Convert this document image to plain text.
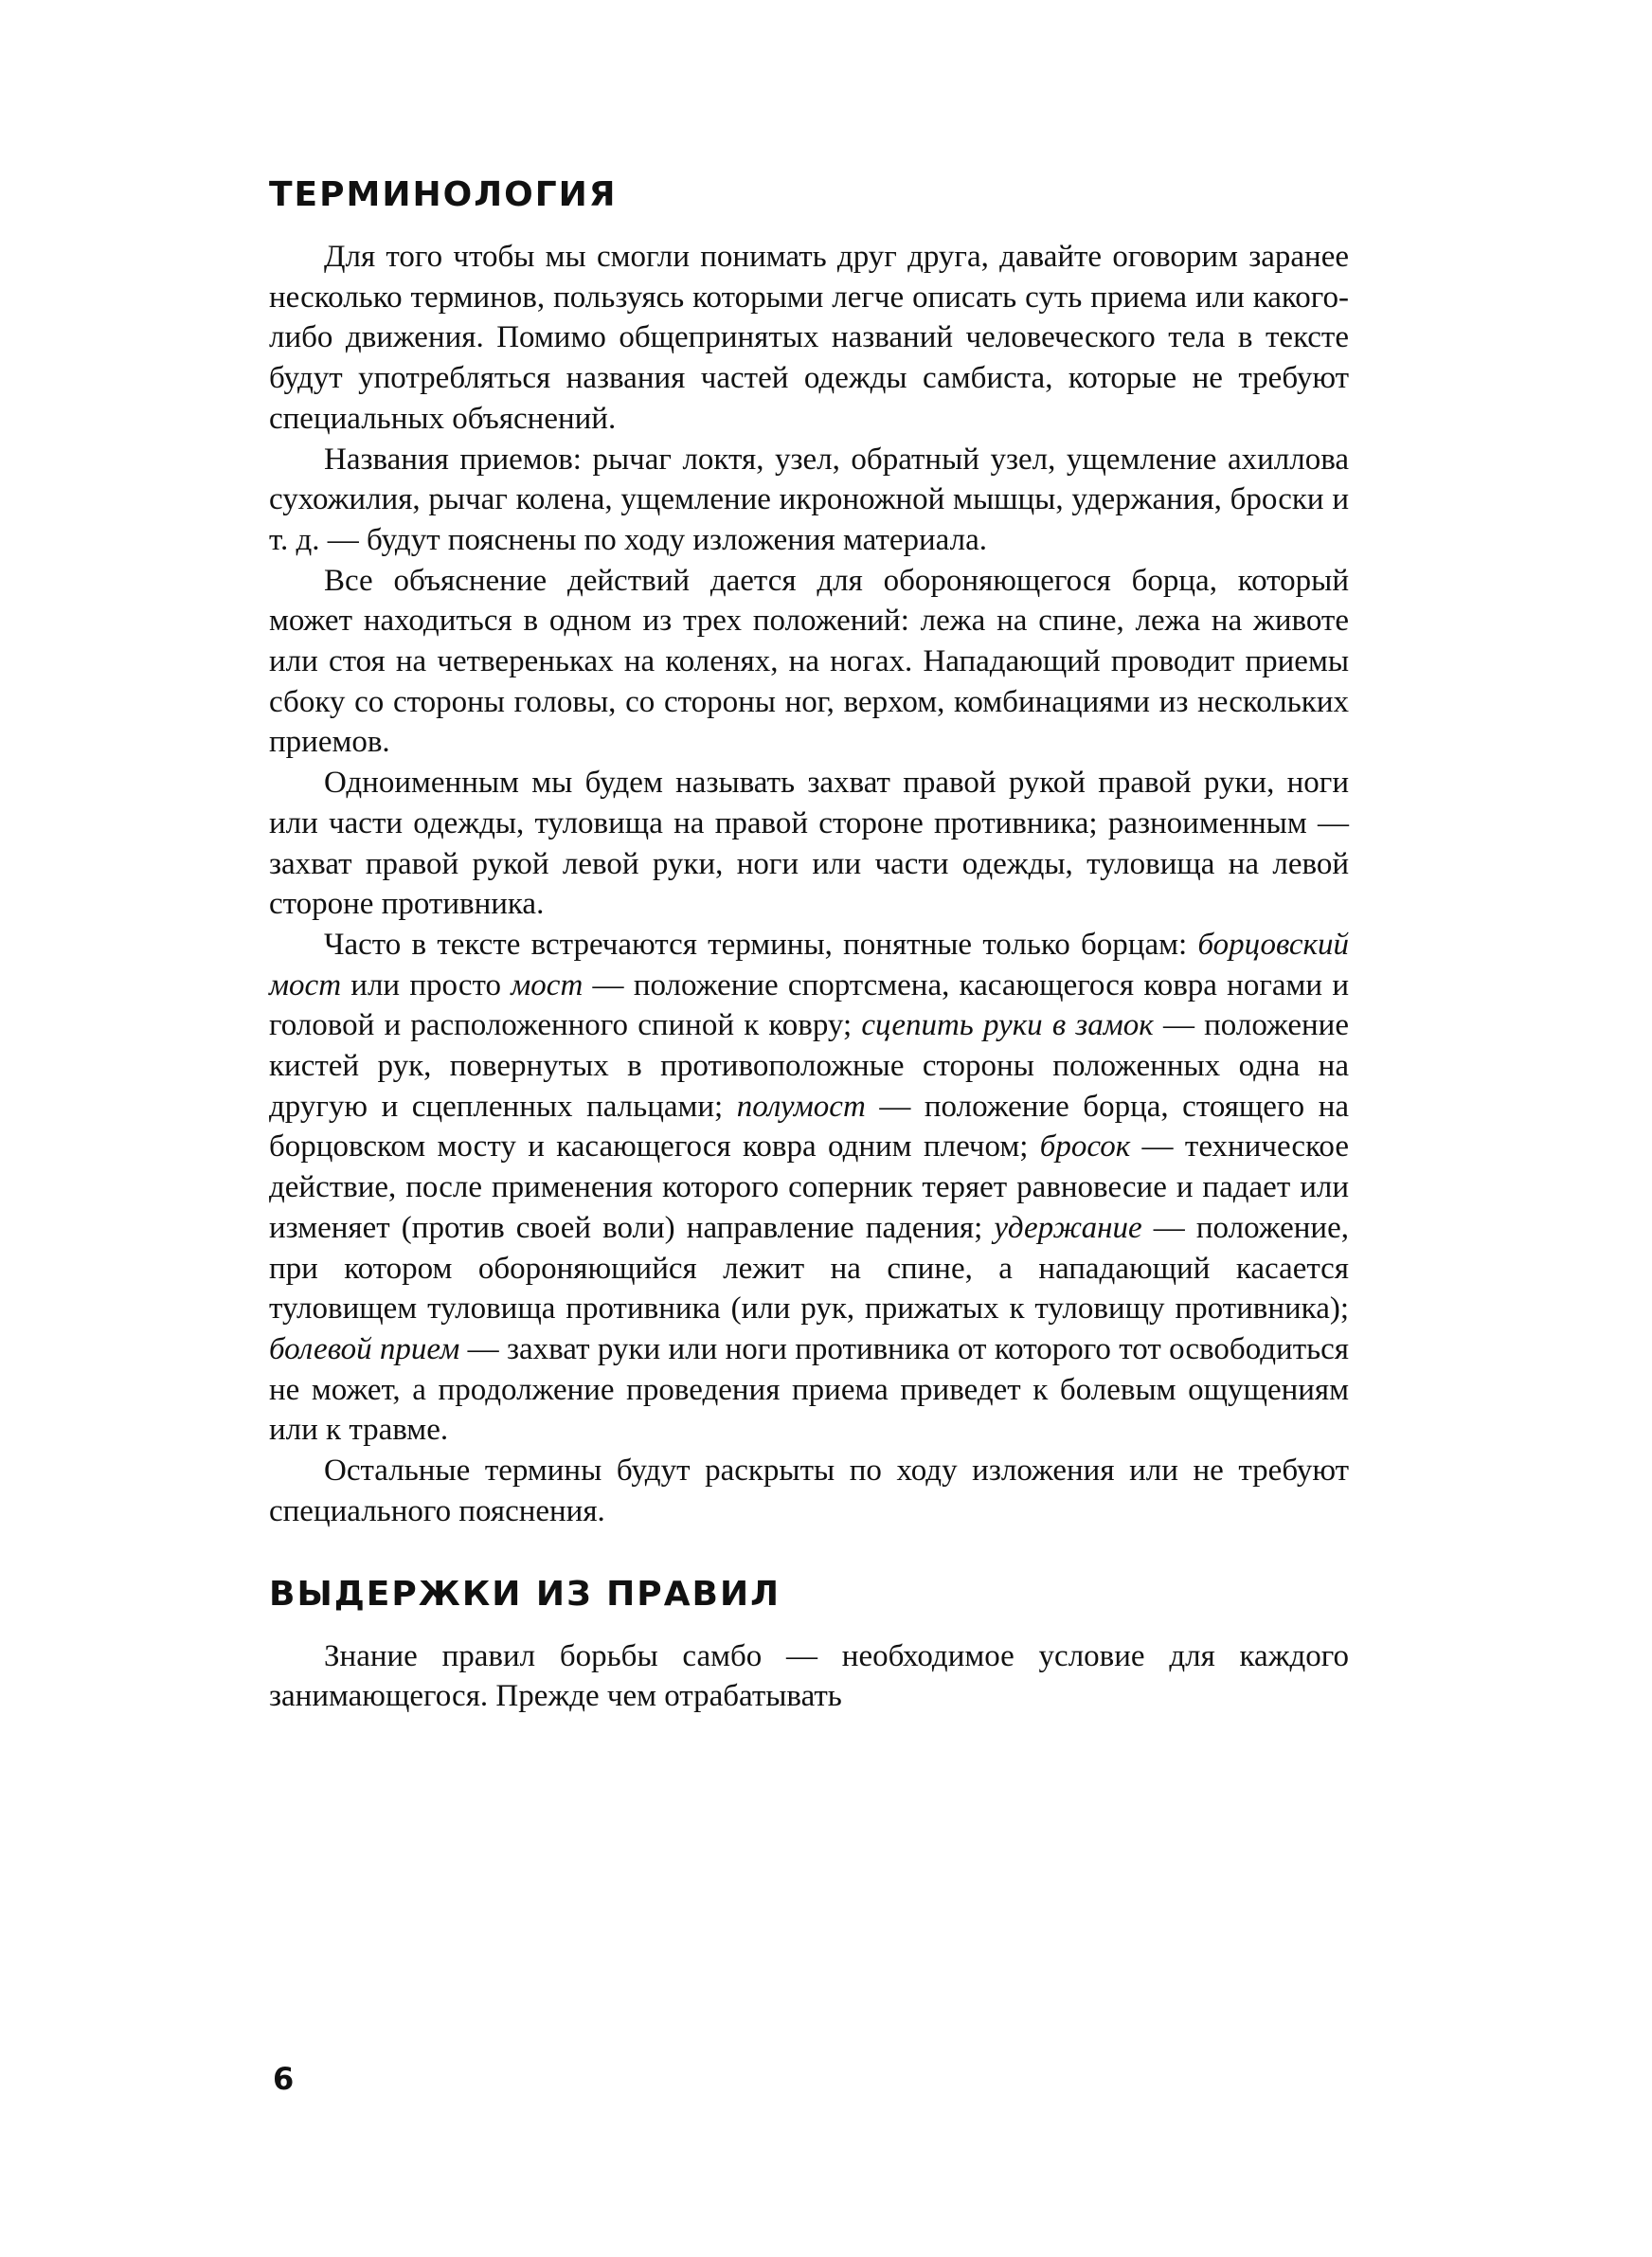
ТЕРМИНОЛОГИЯ

Для того чтобы мы смогли понимать друг друга, давайте оговорим заранее несколько терминов, пользуясь которыми легче описать суть приема или какого-либо движения. Помимо общепринятых названий человеческого тела в тексте будут употребляться названия частей одежды самбиста, которые не требуют специальных объяснений.

Названия приемов: рычаг локтя, узел, обратный узел, ущемление ахиллова сухожилия, рычаг колена, ущемление икроножной мышцы, удержания, броски и т. д. — будут пояснены по ходу изложения материала.

Все объяснение действий дается для обороняющегося борца, который может находиться в одном из трех положений: лежа на спине, лежа на животе или стоя на четвереньках на коленях, на ногах. Нападающий проводит приемы сбоку со стороны головы, со стороны ног, верхом, комбинациями из нескольких приемов.

Одноименным мы будем называть захват правой рукой правой руки, ноги или части одежды, туловища на правой стороне противника; разноименным — захват правой рукой левой руки, ноги или части одежды, туловища на левой стороне противника.

Часто в тексте встречаются термины, понятные только борцам: борцовский мост или просто мост — положение спортсмена, касающегося ковра ногами и головой и расположенного спиной к ковру; сцепить руки в замок — положение кистей рук, повернутых в противоположные стороны положенных одна на другую и сцепленных пальцами; полумост — положение борца, стоящего на борцовском мосту и касающегося ковра одним плечом; бросок — техническое действие, после применения которого соперник теряет равновесие и падает или изменяет (против своей воли) направление падения; удержание — положение, при котором обороняющийся лежит на спине, а нападающий касается туловищем туловища противника (или рук, прижатых к туловищу противника); болевой прием — захват руки или ноги противника от которого тот освободиться не может, а продолжение проведения приема приведет к болевым ощущениям или к травме.

Остальные термины будут раскрыты по ходу изложения или не требуют специального пояснения.

ВЫДЕРЖКИ ИЗ ПРАВИЛ

Знание правил борьбы самбо — необходимое условие для каждого занимающегося. Прежде чем отрабатывать

6
